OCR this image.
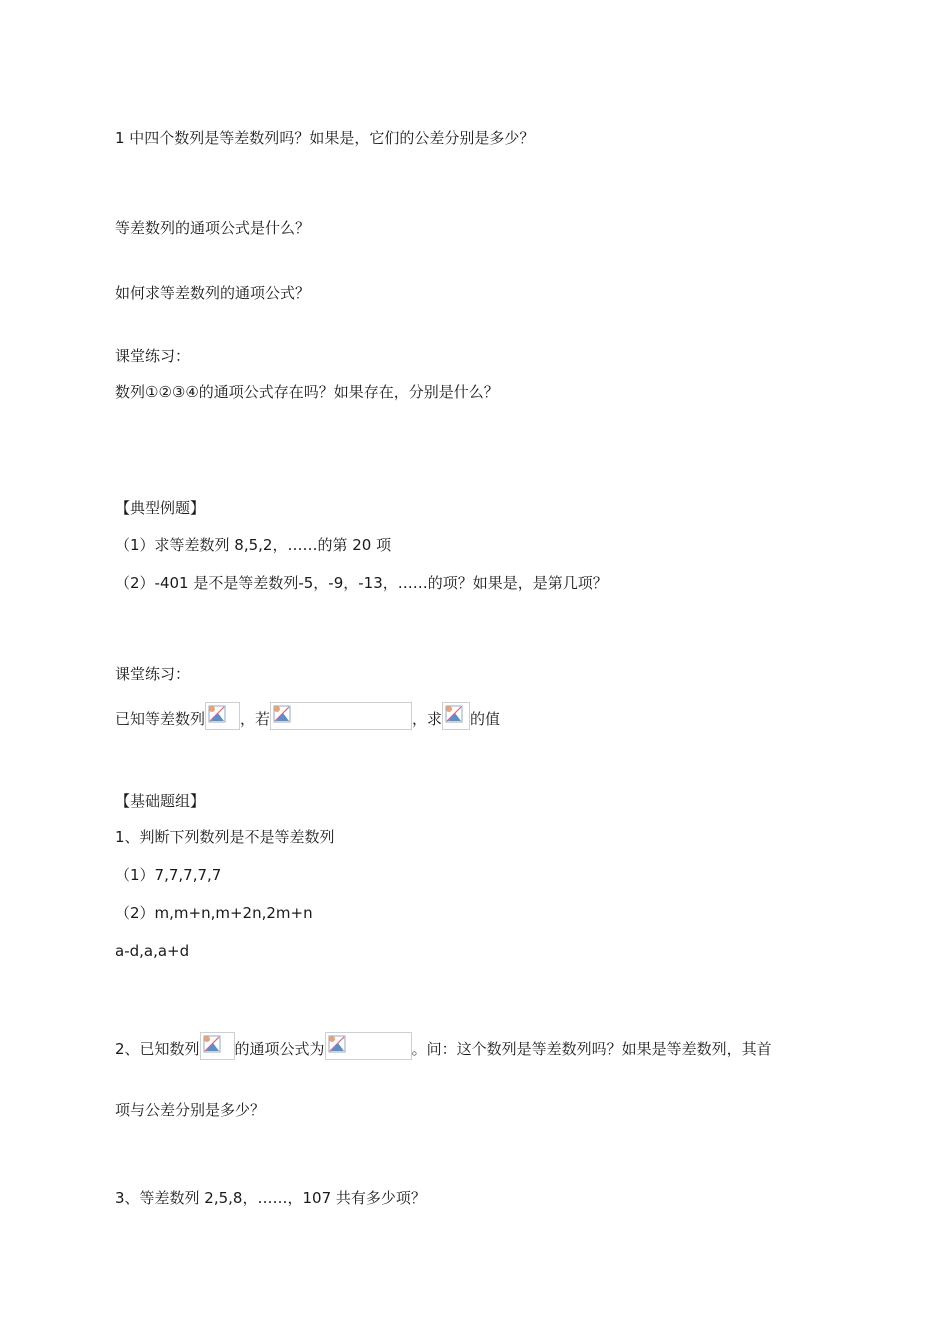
1 中四个数列是等差数列吗？如果是，它们的公差分别是多少？
等差数列的通项公式是什么？
如何求等差数列的通项公式？
课堂练习：
数列①②③④的通项公式存在吗？如果存在，分别是什么？
【典型例题】
（1）求等差数列 8,5,2，……的第 20 项
（2）-401 是不是等差数列-5，-9，-13，……的项？如果是，是第几项？
课堂练习：
已知等差数列 ，若	，求 的值
【基础题组】
1、判断下列数列是不是等差数列
（1）7,7,7,7,7
（2）m,m+n,m+2n,2m+n
a-d,a,a+d
2、已知数列 的通项公式为	。问：这个数列是等差数列吗？如果是等差数列，其首
项与公差分别是多少？
3、等差数列 2,5,8，……，107 共有多少项？
